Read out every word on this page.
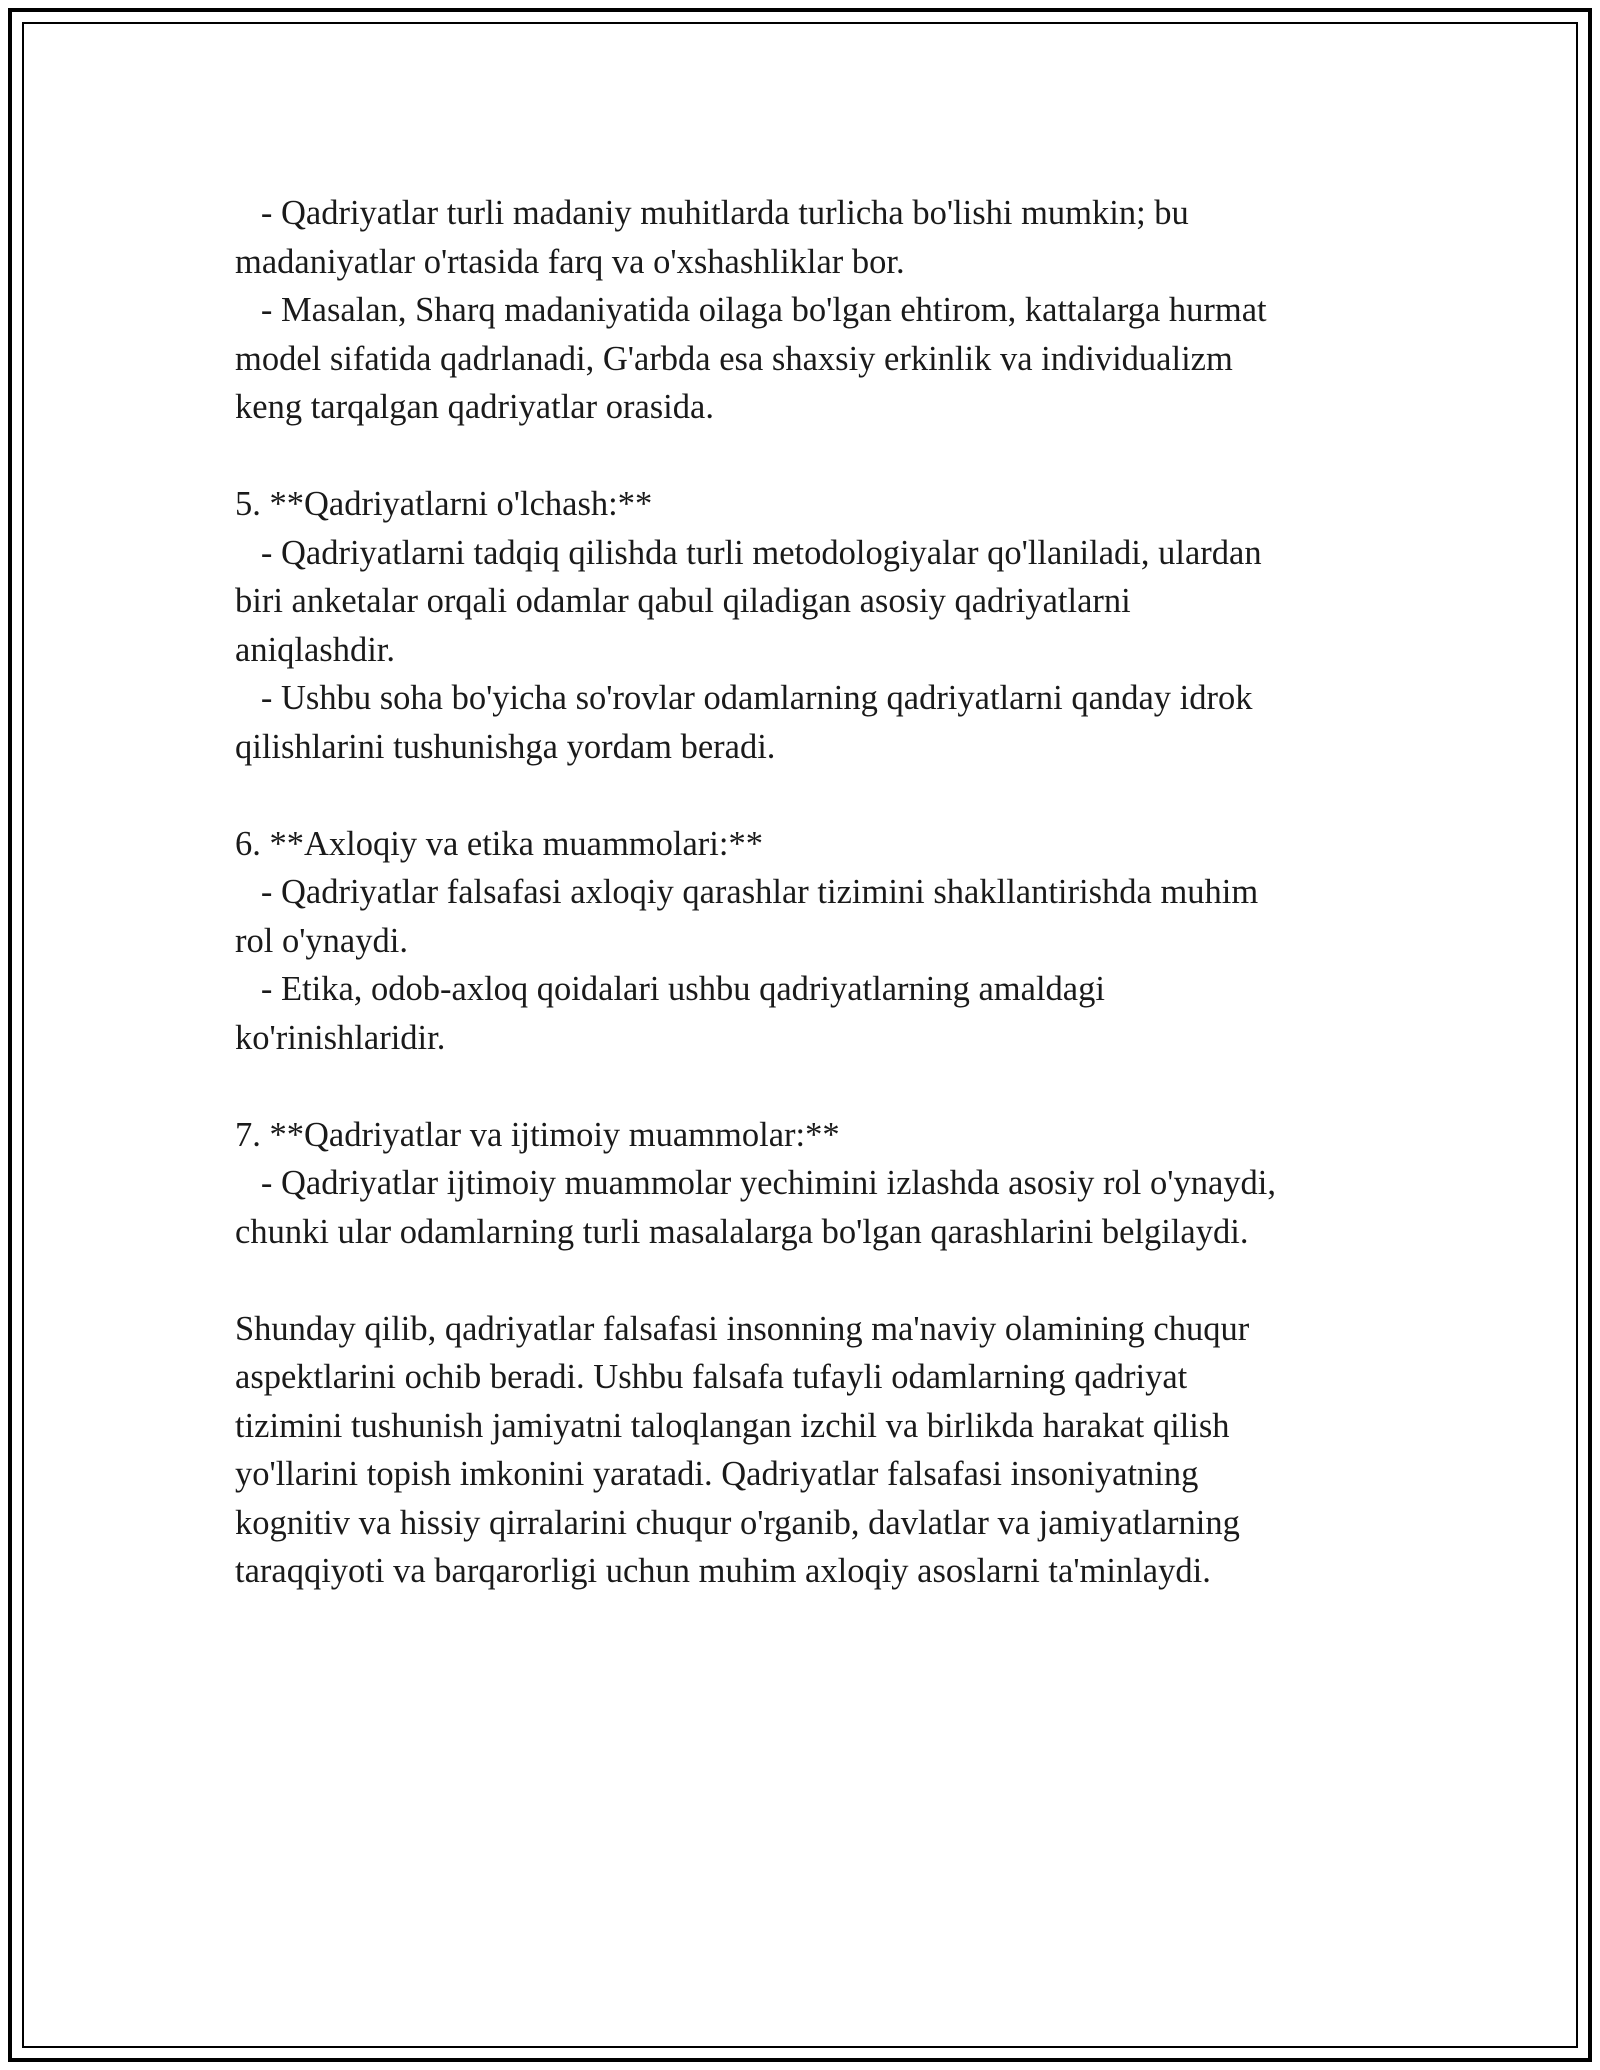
- Qadriyatlar turli madaniy muhitlarda turlicha bo'lishi mumkin; bu
madaniyatlar o'rtasida farq va o'xshashliklar bor.
- Masalan, Sharq madaniyatida oilaga bo'lgan ehtirom, kattalarga hurmat
model sifatida qadrlanadi, G'arbda esa shaxsiy erkinlik va individualizm
keng tarqalgan qadriyatlar orasida.
5. **Qadriyatlarni o'lchash:**
- Qadriyatlarni tadqiq qilishda turli metodologiyalar qo'llaniladi, ulardan
biri anketalar orqali odamlar qabul qiladigan asosiy qadriyatlarni
aniqlashdir.
- Ushbu soha bo'yicha so'rovlar odamlarning qadriyatlarni qanday idrok
qilishlarini tushunishga yordam beradi.
6. **Axloqiy va etika muammolari:**
- Qadriyatlar falsafasi axloqiy qarashlar tizimini shakllantirishda muhim
rol o'ynaydi.
- Etika, odob-axloq qoidalari ushbu qadriyatlarning amaldagi
ko'rinishlaridir.
7. **Qadriyatlar va ijtimoiy muammolar:**
- Qadriyatlar ijtimoiy muammolar yechimini izlashda asosiy rol o'ynaydi,
chunki ular odamlarning turli masalalarga bo'lgan qarashlarini belgilaydi.
Shunday qilib, qadriyatlar falsafasi insonning ma'naviy olamining chuqur
aspektlarini ochib beradi. Ushbu falsafa tufayli odamlarning qadriyat
tizimini tushunish jamiyatni taloqlangan izchil va birlikda harakat qilish
yo'llarini topish imkonini yaratadi. Qadriyatlar falsafasi insoniyatning
kognitiv va hissiy qirralarini chuqur o'rganib, davlatlar va jamiyatlarning
taraqqiyoti va barqarorligi uchun muhim axloqiy asoslarni ta'minlaydi.
